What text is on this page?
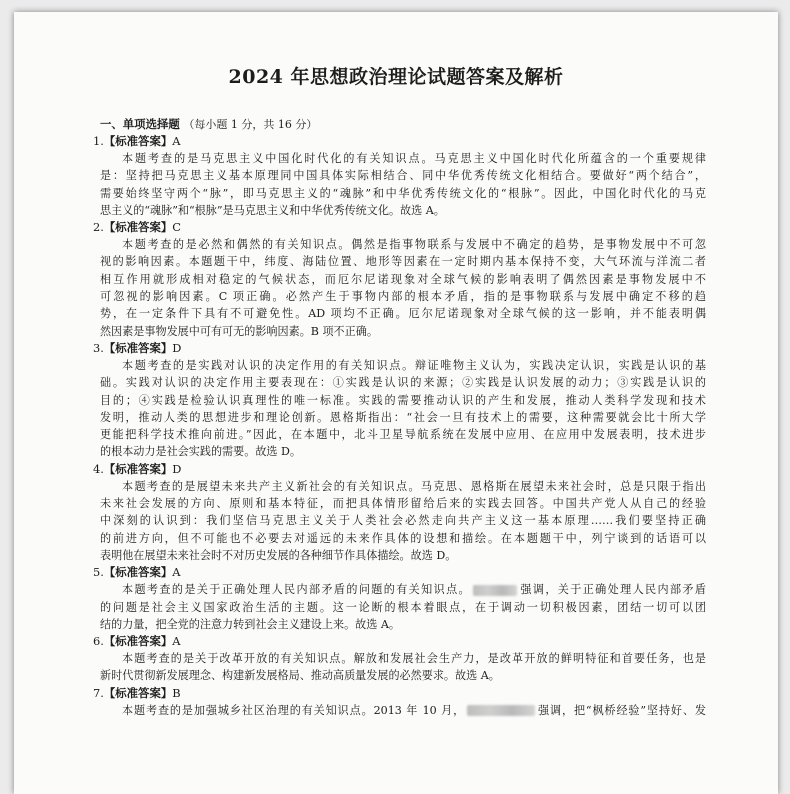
2024 年思想政治理论试题答案及解析
一、单项选择题 （每小题 1 分，共 16 分）
1.【标准答案】A
本题考查的是马克思主义中国化时代化的有关知识点。马克思主义中国化时代化所蕴含的一个重要规律
是：坚持把马克思主义基本原理同中国具体实际相结合、同中华优秀传统文化相结合。要做好“两个结合”，
需要始终坚守两个“脉”，即马克思主义的“魂脉”和中华优秀传统文化的“根脉”。因此，中国化时代化的马克
思主义的“魂脉”和“根脉”是马克思主义和中华优秀传统文化。故选 A。
2.【标准答案】C
本题考查的是必然和偶然的有关知识点。偶然是指事物联系与发展中不确定的趋势，是事物发展中不可忽
视的影响因素。本题题干中，纬度、海陆位置、地形等因素在一定时期内基本保持不变，大气环流与洋流二者
相互作用就形成相对稳定的气候状态，而厄尔尼诺现象对全球气候的影响表明了偶然因素是事物发展中不
可忽视的影响因素。C 项正确。必然产生于事物内部的根本矛盾，指的是事物联系与发展中确定不移的趋
势，在一定条件下具有不可避免性。AD 项均不正确。厄尔尼诺现象对全球气候的这一影响，并不能表明偶
然因素是事物发展中可有可无的影响因素。B 项不正确。
3.【标准答案】D
本题考查的是实践对认识的决定作用的有关知识点。辩证唯物主义认为，实践决定认识，实践是认识的基
础。实践对认识的决定作用主要表现在：①实践是认识的来源；②实践是认识发展的动力；③实践是认识的
目的；④实践是检验认识真理性的唯一标准。实践的需要推动认识的产生和发展，推动人类科学发现和技术
发明，推动人类的思想进步和理论创新。恩格斯指出：“社会一旦有技术上的需要，这种需要就会比十所大学
更能把科学技术推向前进。”因此，在本题中，北斗卫星导航系统在发展中应用、在应用中发展表明，技术进步
的根本动力是社会实践的需要。故选 D。
4.【标准答案】D
本题考查的是展望未来共产主义新社会的有关知识点。马克思、恩格斯在展望未来社会时，总是只限于指出
未来社会发展的方向、原则和基本特征，而把具体情形留给后来的实践去回答。中国共产党人从自己的经验
中深刻的认识到：我们坚信马克思主义关于人类社会必然走向共产主义这一基本原理……我们要坚持正确
的前进方向，但不可能也不必要去对遥远的未来作具体的设想和描绘。在本题题干中，列宁谈到的话语可以
表明他在展望未来社会时不对历史发展的各种细节作具体描绘。故选 D。
5.【标准答案】A
本题考查的是关于正确处理人民内部矛盾的问题的有关知识点。	强调，关于正确处理人民内部矛盾
的问题是社会主义国家政治生活的主题。这一论断的根本着眼点，在于调动一切积极因素，团结一切可以团
结的力量，把全党的注意力转到社会主义建设上来。故选 A。
6.【标准答案】A
本题考查的是关于改革开放的有关知识点。解放和发展社会生产力，是改革开放的鲜明特征和首要任务，也是
新时代贯彻新发展理念、构建新发展格局、推动高质量发展的必然要求。故选 A。
7.【标准答案】B
本题考查的是加强城乡社区治理的有关知识点。2013 年 10 月，	强调，把“枫桥经验”坚持好、发
